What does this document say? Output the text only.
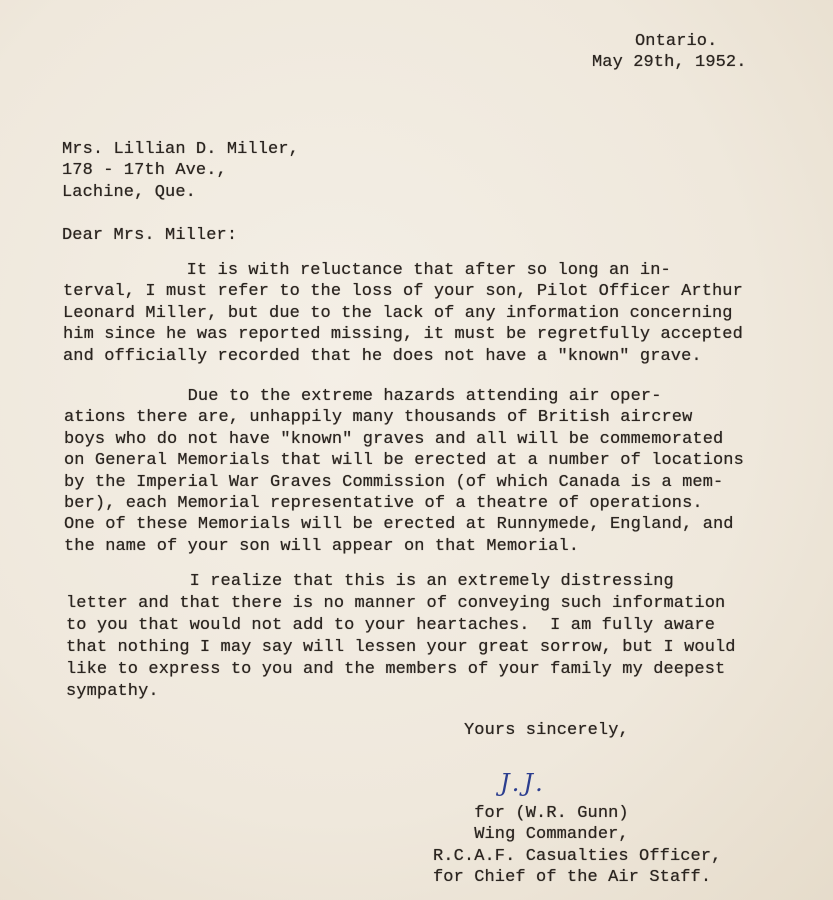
Ontario.
May 29th, 1952.
Mrs. Lillian D. Miller,
178 - 17th Ave.,
Lachine, Que.
Dear Mrs. Miller:
It is with reluctance that after so long an in-
terval, I must refer to the loss of your son, Pilot Officer Arthur
Leonard Miller, but due to the lack of any information concerning
him since he was reported missing, it must be regretfully accepted
and officially recorded that he does not have a "known" grave.
Due to the extreme hazards attending air oper-
ations there are, unhappily many thousands of British aircrew
boys who do not have "known" graves and all will be commemorated
on General Memorials that will be erected at a number of locations
by the Imperial War Graves Commission (of which Canada is a mem-
ber), each Memorial representative of a theatre of operations.
One of these Memorials will be erected at Runnymede, England, and
the name of your son will appear on that Memorial.
I realize that this is an extremely distressing
letter and that there is no manner of conveying such information
to you that would not add to your heartaches.  I am fully aware
that nothing I may say will lessen your great sorrow, but I would
like to express to you and the members of your family my deepest
sympathy.
Yours sincerely,
J.J.
for (W.R. Gunn)
Wing Commander,
R.C.A.F. Casualties Officer,
for Chief of the Air Staff.
